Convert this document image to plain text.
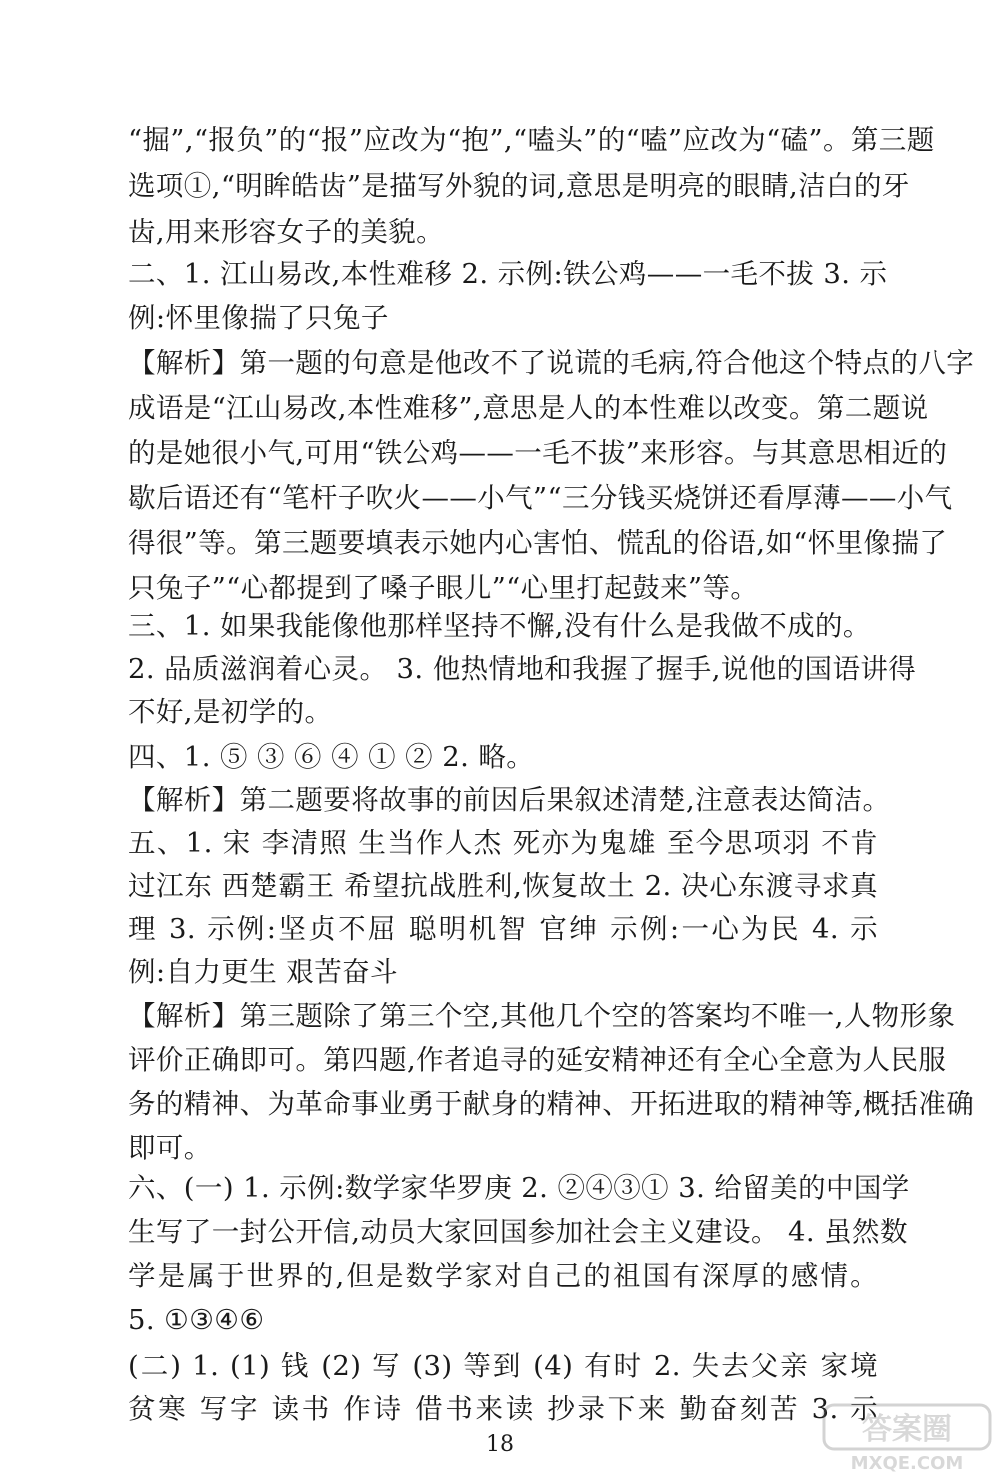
“掘”,“报负”的“报”应改为“抱”,“嗑头”的“嗑”应改为“磕”。第三题
选项①,“明眸皓齿”是描写外貌的词,意思是明亮的眼睛,洁白的牙
齿,用来形容女子的美貌。
二、1. 江山易改,本性难移 2. 示例:铁公鸡——一毛不拔 3. 示
例:怀里像揣了只兔子
【解析】第一题的句意是他改不了说谎的毛病,符合他这个特点的八字
成语是“江山易改,本性难移”,意思是人的本性难以改变。第二题说
的是她很小气,可用“铁公鸡——一毛不拔”来形容。与其意思相近的
歇后语还有“笔杆子吹火——小气”“三分钱买烧饼还看厚薄——小气
得很”等。第三题要填表示她内心害怕、慌乱的俗语,如“怀里像揣了
只兔子”“心都提到了嗓子眼儿”“心里打起鼓来”等。
三、1. 如果我能像他那样坚持不懈,没有什么是我做不成的。
2. 品质滋润着心灵。 3. 他热情地和我握了握手,说他的国语讲得
不好,是初学的。
四、1. ⑤ ③ ⑥ ④ ① ② 2. 略。
【解析】第二题要将故事的前因后果叙述清楚,注意表达简洁。
五、1. 宋 李清照 生当作人杰 死亦为鬼雄 至今思项羽 不肯
过江东 西楚霸王 希望抗战胜利,恢复故土 2. 决心东渡寻求真
理 3. 示例:坚贞不屈 聪明机智 官绅 示例:一心为民 4. 示
例:自力更生 艰苦奋斗
【解析】第三题除了第三个空,其他几个空的答案均不唯一,人物形象
评价正确即可。第四题,作者追寻的延安精神还有全心全意为人民服
务的精神、为革命事业勇于献身的精神、开拓进取的精神等,概括准确
即可。
六、(一) 1. 示例:数学家华罗庚 2. ②④③① 3. 给留美的中国学
生写了一封公开信,动员大家回国参加社会主义建设。 4. 虽然数
学是属于世界的,但是数学家对自己的祖国有深厚的感情。
5. ①③④⑥
(二) 1. (1) 钱 (2) 写 (3) 等到 (4) 有时 2. 失去父亲 家境
贫寒 写字 读书 作诗 借书来读 抄录下来 勤奋刻苦 3. 示
18	答案圈
MXQE.COM
